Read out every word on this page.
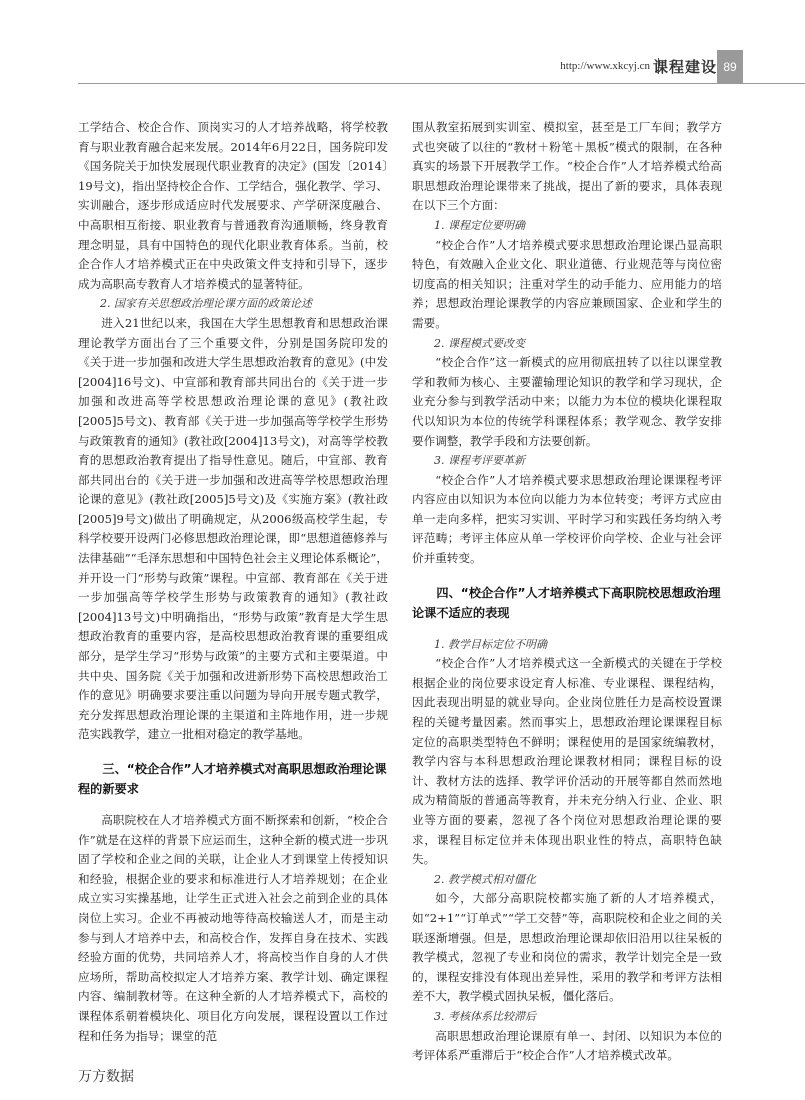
http://www.xkcyj.cn 课程建设 89

工学结合、校企合作、顶岗实习的人才培养战略，将学校教育与职业教育融合起来发展。2014年6月22日，国务院印发《国务院关于加快发展现代职业教育的决定》(国发〔2014〕19号文)，指出坚持校企合作、工学结合，强化教学、学习、实训融合，逐步形成适应时代发展要求、产学研深度融合、中高职相互衔接、职业教育与普通教育沟通顺畅，终身教育理念明显，具有中国特色的现代化职业教育体系。当前，校企合作人才培养模式正在中央政策文件支持和引导下，逐步成为高职高专教育人才培养模式的显著特征。

2. 国家有关思想政治理论课方面的政策论述

进入21世纪以来，我国在大学生思想教育和思想政治课理论教学方面出台了三个重要文件，分别是国务院印发的《关于进一步加强和改进大学生思想政治教育的意见》(中发[2004]16号文)、中宣部和教育部共同出台的《关于进一步加强和改进高等学校思想政治理论课的意见》(教社政[2005]5号文)、教育部《关于进一步加强高等学校学生形势与政策教育的通知》(教社政[2004]13号文)，对高等学校教育的思想政治教育提出了指导性意见。随后，中宣部、教育部共同出台的《关于进一步加强和改进高等学校思想政治理论课的意见》(教社政[2005]5号文)及《实施方案》(教社政[2005]9号文)做出了明确规定，从2006级高校学生起，专科学校要开设两门必修思想政治理论课，即“思想道德修养与法律基础”“毛泽东思想和中国特色社会主义理论体系概论”，并开设一门“形势与政策”课程。中宣部、教育部在《关于进一步加强高等学校学生形势与政策教育的通知》(教社政[2004]13号文)中明确指出，“形势与政策”教育是大学生思想政治教育的重要内容，是高校思想政治教育课的重要组成部分，是学生学习“形势与政策”的主要方式和主要渠道。中共中央、国务院《关于加强和改进新形势下高校思想政治工作的意见》明确要求要注重以问题为导向开展专题式教学，充分发挥思想政治理论课的主渠道和主阵地作用，进一步规范实践教学，建立一批相对稳定的教学基地。

三、“校企合作”人才培养模式对高职思想政治理论课程的新要求

高职院校在人才培养模式方面不断探索和创新，“校企合作”就是在这样的背景下应运而生，这种全新的模式进一步巩固了学校和企业之间的关联，让企业人才到课堂上传授知识和经验，根据企业的要求和标准进行人才培养规划；在企业成立实习实操基地，让学生正式进入社会之前到企业的具体岗位上实习。企业不再被动地等待高校输送人才，而是主动参与到人才培养中去，和高校合作，发挥自身在技术、实践经验方面的优势，共同培养人才，将高校当作自身的人才供应场所，帮助高校拟定人才培养方案、教学计划、确定课程内容、编制教材等。在这种全新的人才培养模式下，高校的课程体系朝着模块化、项目化方向发展，课程设置以工作过程和任务为指导；课堂的范

围从教室拓展到实训室、模拟室，甚至是工厂车间；教学方式也突破了以往的“教材＋粉笔＋黑板”模式的限制，在各种真实的场景下开展教学工作。“校企合作”人才培养模式给高职思想政治理论课带来了挑战，提出了新的要求，具体表现在以下三个方面：

1. 课程定位要明确

“校企合作”人才培养模式要求思想政治理论课凸显高职特色，有效融入企业文化、职业道德、行业规范等与岗位密切度高的相关知识；注重对学生的动手能力、应用能力的培养；思想政治理论课教学的内容应兼顾国家、企业和学生的需要。

2. 课程模式要改变

“校企合作”这一新模式的应用彻底扭转了以往以课堂教学和教师为核心、主要灌输理论知识的教学和学习现状，企业充分参与到教学活动中来；以能力为本位的模块化课程取代以知识为本位的传统学科课程体系；教学观念、教学安排要作调整，教学手段和方法要创新。

3. 课程考评要革新

“校企合作”人才培养模式要求思想政治理论课课程考评内容应由以知识为本位向以能力为本位转变；考评方式应由单一走向多样，把实习实训、平时学习和实践任务均纳入考评范畴；考评主体应从单一学校评价向学校、企业与社会评价并重转变。

四、“校企合作”人才培养模式下高职院校思想政治理论课不适应的表现

1. 教学目标定位不明确

“校企合作”人才培养模式这一全新模式的关键在于学校根据企业的岗位要求设定育人标准、专业课程、课程结构，因此表现出明显的就业导向。企业岗位胜任力是高校设置课程的关键考量因素。然而事实上，思想政治理论课课程目标定位的高职类型特色不鲜明；课程使用的是国家统编教材，教学内容与本科思想政治理论课教材相同；课程目标的设计、教材方法的选择、教学评价活动的开展等都自然而然地成为精简版的普通高等教育，并未充分纳入行业、企业、职业等方面的要素，忽视了各个岗位对思想政治理论课的要求，课程目标定位并未体现出职业性的特点，高职特色缺失。

2. 教学模式相对僵化

如今，大部分高职院校都实施了新的人才培养模式，如“2+1”“订单式”“学工交替”等，高职院校和企业之间的关联逐渐增强。但是，思想政治理论课却依旧沿用以往呆板的教学模式，忽视了专业和岗位的需求，教学计划完全是一致的，课程安排没有体现出差异性，采用的教学和考评方法相差不大，教学模式固执呆板，僵化落后。

3. 考核体系比较滞后

高职思想政治理论课原有单一、封闭、以知识为本位的考评体系严重滞后于“校企合作”人才培养模式改革。

万方数据
